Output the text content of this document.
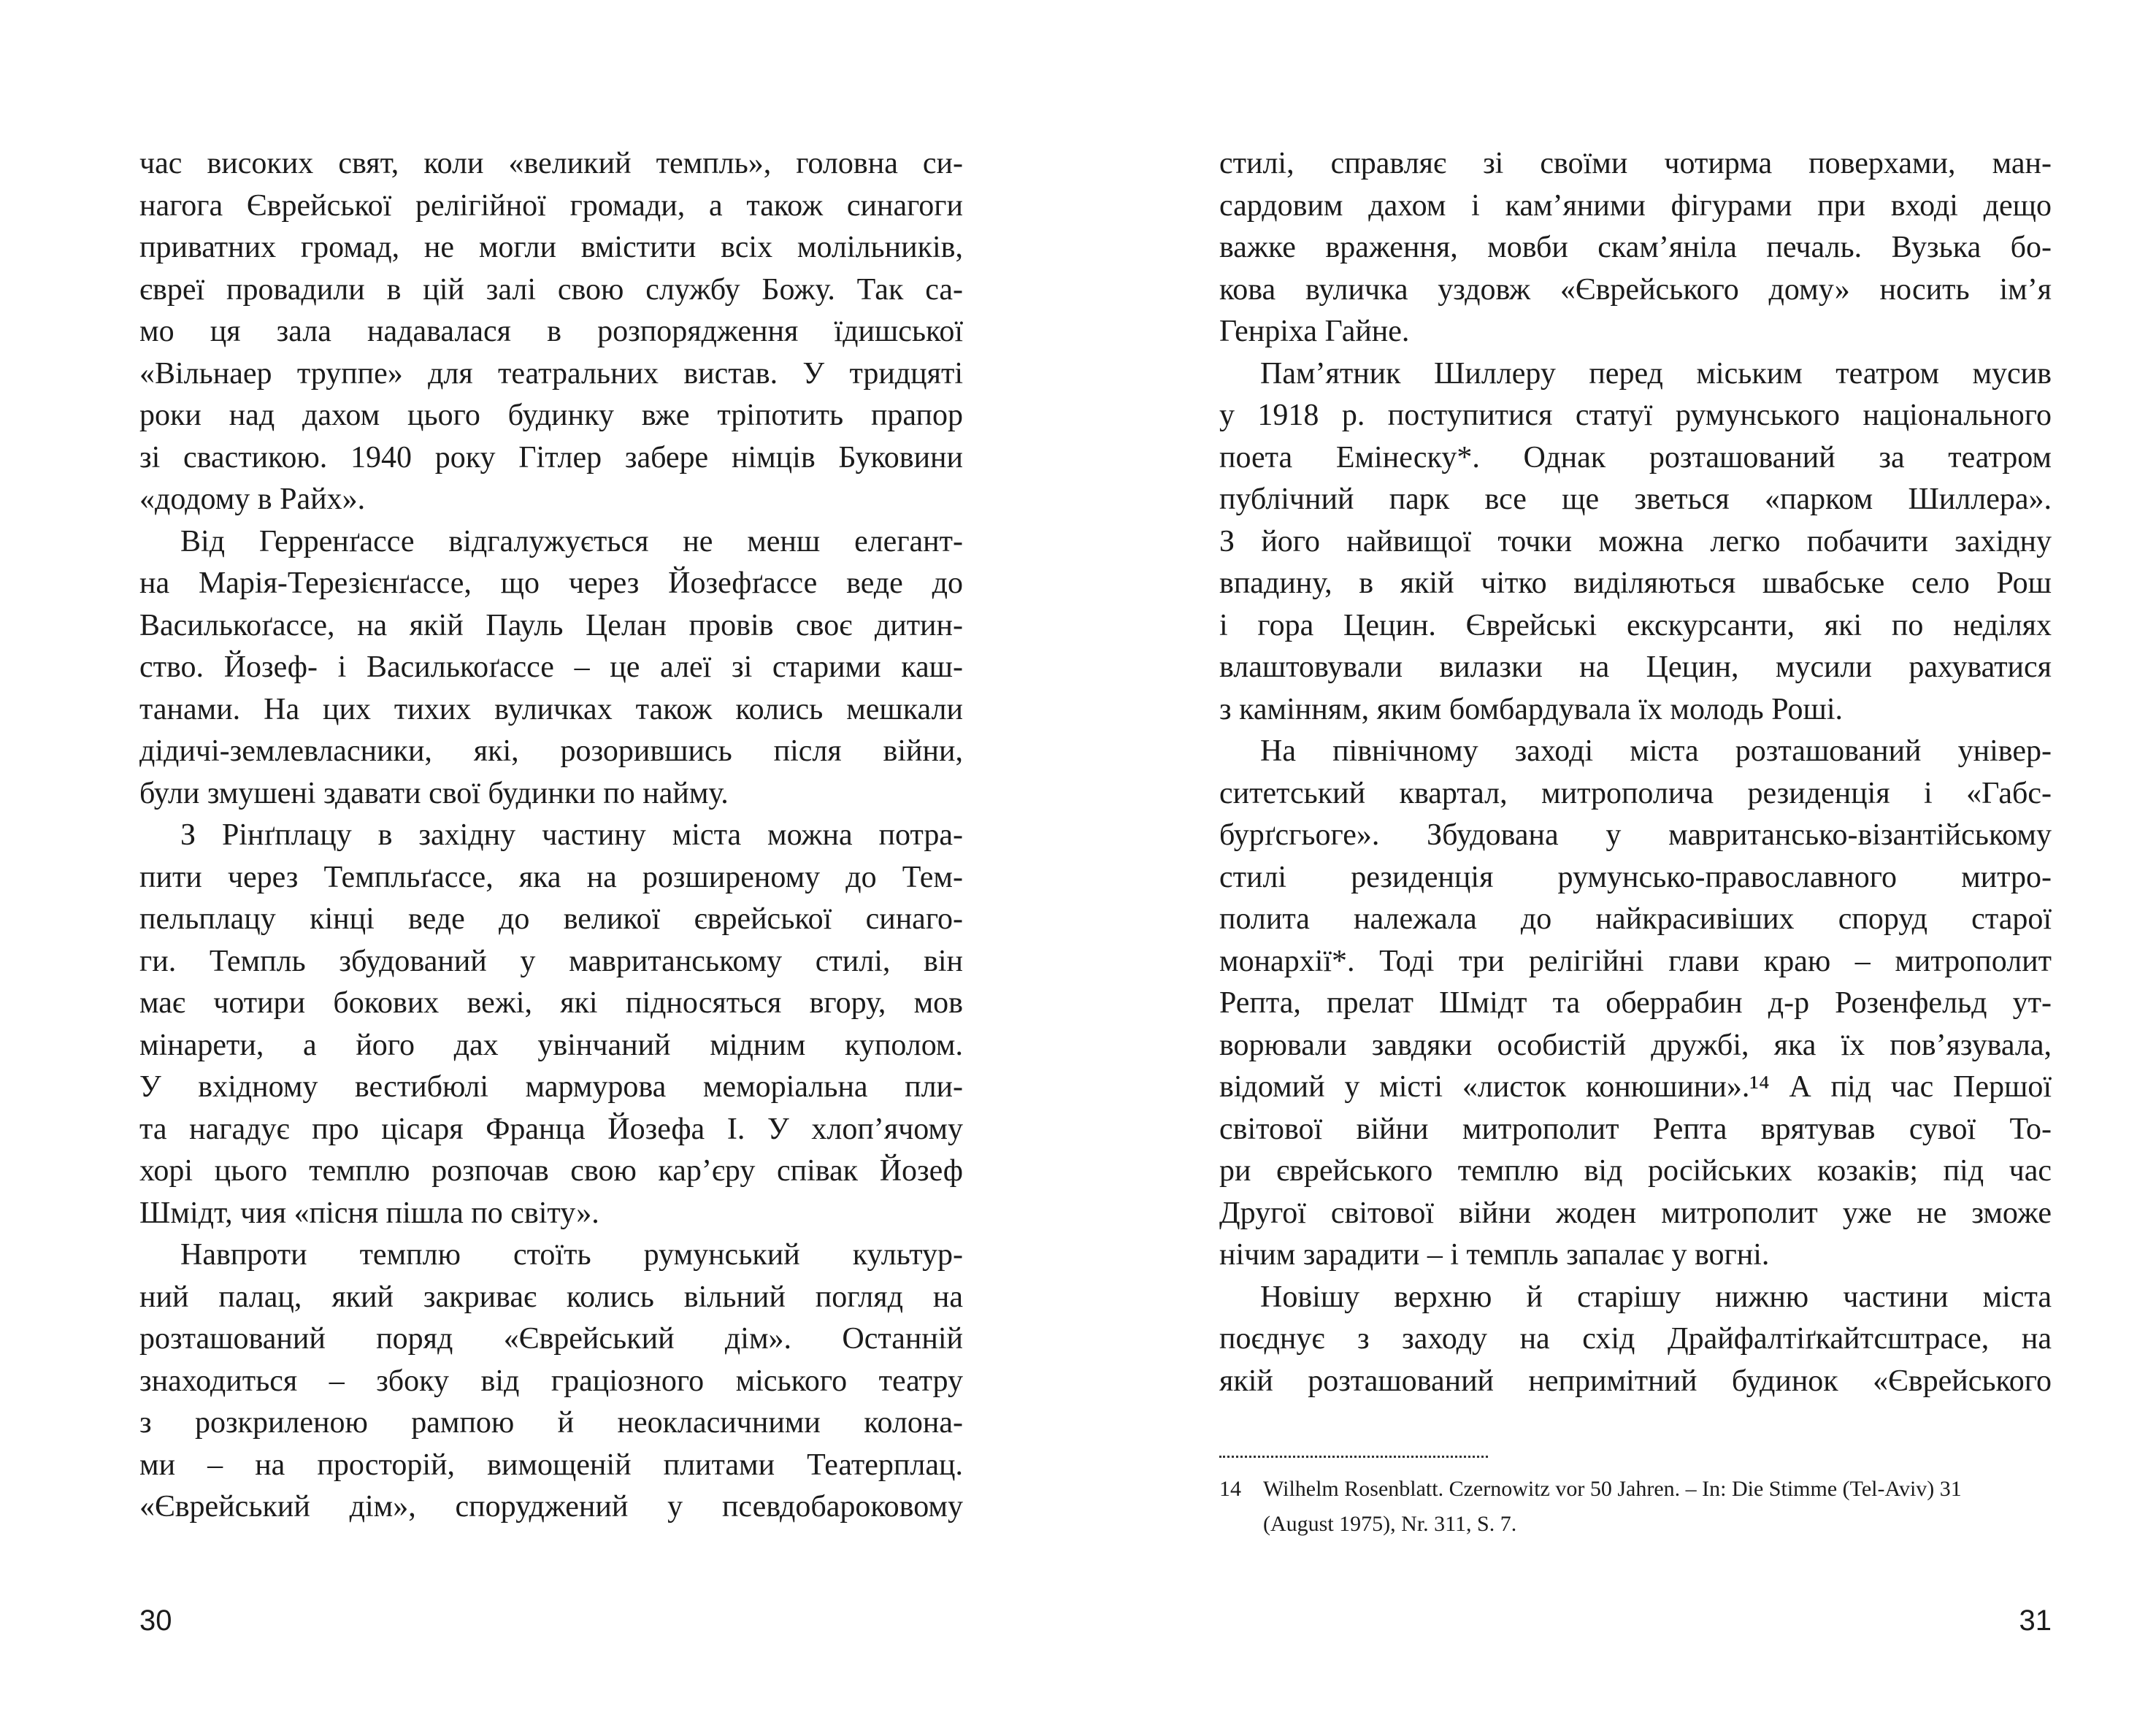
час високих свят, коли «великий темпль», головна си-
нагога Єврейської релігійної громади, а також синагоги
приватних громад, не могли вмістити всіх молільників,
євреї провадили в цій залі свою службу Божу. Так са-
мо ця зала надавалася в розпорядження їдишської
«Вільнаер труппе» для театральних вистав. У тридцяті
роки над дахом цього будинку вже тріпотить прапор
зі свастикою. 1940 року Гітлер забере німців Буковини
«додому в Райх».
Від Герренґассе відгалужується не менш елегант-
на Марія-Терезієнґассе, що через Йозефґассе веде до
Василькоґассе, на якій Пауль Целан провів своє дитин-
ство. Йозеф- і Василькоґассе – це алеї зі старими каш-
танами. На цих тихих вуличках також колись мешкали
дідичі-землевласники, які, розорившись після війни,
були змушені здавати свої будинки по найму.
З Рінґплацу в західну частину міста можна потра-
пити через Темпльґассе, яка на розширеному до Тем-
пельплацу кінці веде до великої єврейської синаго-
ги. Темпль збудований у мавританському стилі, він
має чотири бокових вежі, які підносяться вгору, мов
мінарети, а його дах увінчаний мідним куполом.
У вхідному вестибюлі мармурова меморіальна пли-
та нагадує про цісаря Франца Йозефа I. У хлоп’ячому
хорі цього темплю розпочав свою кар’єру співак Йозеф
Шмідт, чия «пісня пішла по світу».
Навпроти темплю стоїть румунський культур-
ний палац, який закриває колись вільний погляд на
розташований поряд «Єврейський дім». Останній
знаходиться – збоку від граціозного міського театру
з розкриленою рампою й неокласичними колона-
ми – на просторій, вимощеній плитами Театерплац.
«Єврейський дім», споруджений у псевдобароковому
30
стилі, справляє зі своїми чотирма поверхами, ман-
сардовим дахом і кам’яними фігурами при вході дещо
важке враження, мовби скам’яніла печаль. Вузька бо-
кова вуличка уздовж «Єврейського дому» носить ім’я
Генріха Гайне.
Пам’ятник Шиллеру перед міським театром мусив
у 1918 р. поступитися статуї румунського національного
поета Емінеску*. Однак розташований за театром
публічний парк все ще зветься «парком Шиллера».
З його найвищої точки можна легко побачити західну
впадину, в якій чітко виділяються швабське село Рош
і гора Цецин. Єврейські екскурсанти, які по неділях
влаштовували вилазки на Цецин, мусили рахуватися
з камінням, яким бомбардувала їх молодь Роші.
На північному заході міста розташований універ-
ситетський квартал, митрополича резиденція і «Габс-
бурґсгьоге». Збудована у мавритансько-візантійському
стилі резиденція румунсько-православного митро-
полита належала до найкрасивіших споруд старої
монархії*. Тоді три релігійні глави краю – митрополит
Репта, прелат Шмідт та оберрабин д-р Розенфельд ут-
ворювали завдяки особистій дружбі, яка їх пов’язувала,
відомий у місті «листок конюшини».¹⁴ А під час Першої
світової війни митрополит Репта врятував сувої То-
ри єврейського темплю від російських козаків; під час
Другої світової війни жоден митрополит уже не зможе
нічим зарадити – і темпль запалає у вогні.
Новішу верхню й старішу нижню частини міста
поєднує з заходу на схід Драйфалтіґкайтсштрасе, на
якій розташований непримітний будинок «Єврейського
14 Wilhelm Rosenblatt. Czernowitz vor 50 Jahren. – In: Die Stimme (Tel-Aviv) 31
(August 1975), Nr. 311, S. 7.
31
